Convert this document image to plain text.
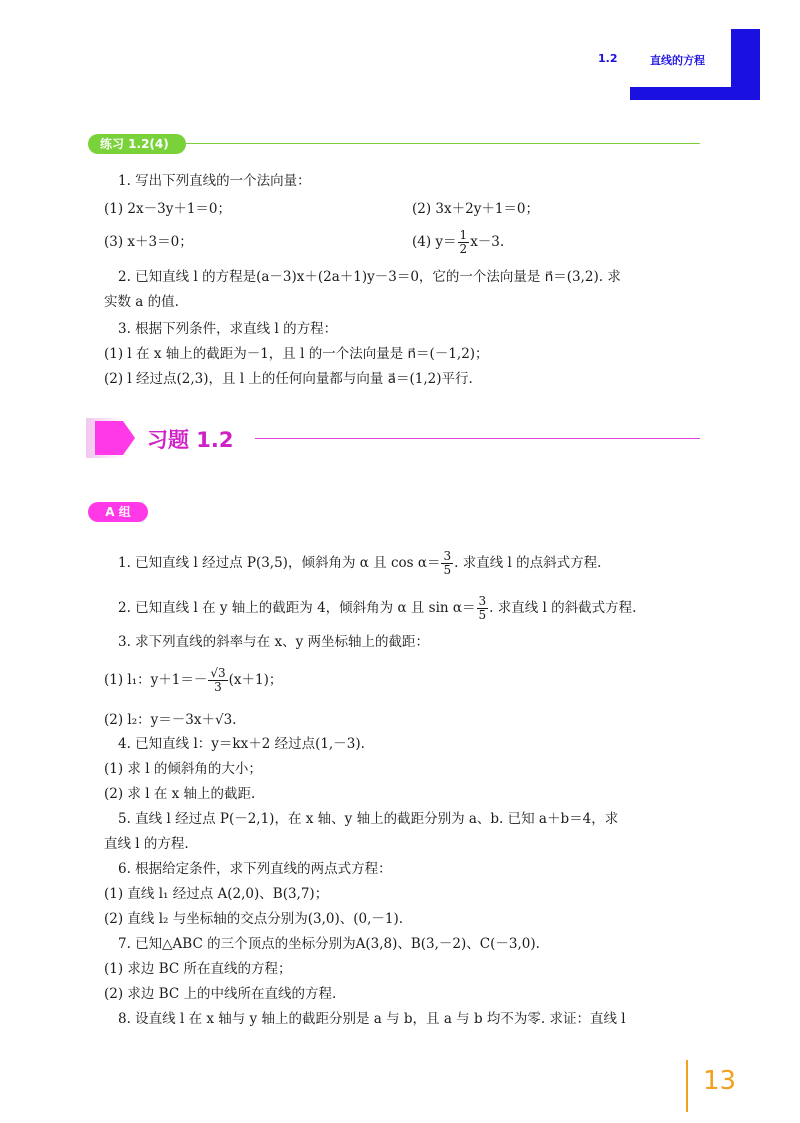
1.2	直线的方程
练习 1.2(4)
1. 写出下列直线的一个法向量：
(1) 2x－3y＋1＝0；	(2) 3x＋2y＋1＝0；
(3) x＋3＝0；	(4) $y= \frac{1}{2} x-3$.
2. 已知直线 l 的方程是(a－3)x＋(2a＋1)y－3＝0，它的一个法向量是 n⃗＝(3,2). 求
实数 a 的值.
3. 根据下列条件，求直线 l 的方程：
(1) l 在 x 轴上的截距为－1，且 l 的一个法向量是 n⃗＝(－1,2)；
(2) l 经过点(2,3)，且 l 上的任何向量都与向量 a⃗＝(1,2)平行.
习题 1.2
A 组
1. 已知直线 l 经过点 P(3,5)，倾斜角为 α 且 $\cos \alpha= \frac{3}{5}$ . 求直线 l 的点斜式方程.
2. 已知直线 l 在 y 轴上的截距为 4，倾斜角为 α 且 $\sin \alpha= \frac{3}{5}$ . 求直线 l 的斜截式方程.
3. 求下列直线的斜率与在 x、y 两坐标轴上的截距：
(1) l₁：$y+1=- \frac{√3}{3} (x+1)$；
(2) l₂：y＝－3x＋√3.
4. 已知直线 l：y＝kx＋2 经过点(1,－3).
(1) 求 l 的倾斜角的大小；
(2) 求 l 在 x 轴上的截距.
5. 直线 l 经过点 P(－2,1)，在 x 轴、y 轴上的截距分别为 a、b. 已知 a＋b＝4，求
直线 l 的方程.
6. 根据给定条件，求下列直线的两点式方程：
(1) 直线 l₁ 经过点 A(2,0)、B(3,7)；
(2) 直线 l₂ 与坐标轴的交点分别为(3,0)、(0,－1).
7. 已知△ABC 的三个顶点的坐标分别为A(3,8)、B(3,－2)、C(－3,0).
(1) 求边 BC 所在直线的方程；
(2) 求边 BC 上的中线所在直线的方程.
8. 设直线 l 在 x 轴与 y 轴上的截距分别是 a 与 b，且 a 与 b 均不为零. 求证：直线 l
13
